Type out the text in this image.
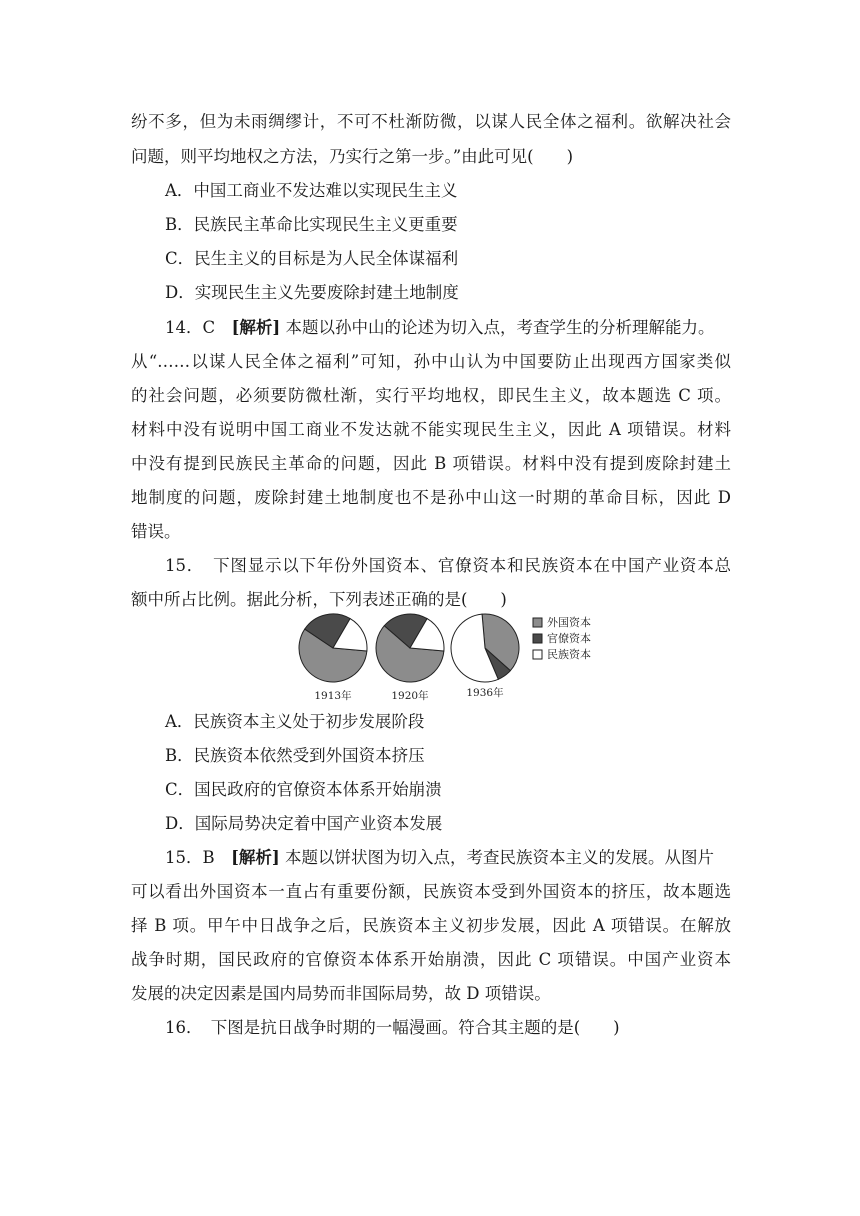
纷不多，但为未雨绸缪计，不可不杜渐防微，以谋人民全体之福利。欲解决社会
问题，则平均地权之方法，乃实行之第一步。”由此可见(　　)
A．中国工商业不发达难以实现民生主义
B．民族民主革命比实现民生主义更重要
C．民生主义的目标是为人民全体谋福利
D．实现民生主义先要废除封建土地制度
14．C　[解析] 本题以孙中山的论述为切入点，考查学生的分析理解能力。
从“……以谋人民全体之福利”可知，孙中山认为中国要防止出现西方国家类似
的社会问题，必须要防微杜渐，实行平均地权，即民生主义，故本题选 C 项。
材料中没有说明中国工商业不发达就不能实现民生主义，因此 A 项错误。材料
中没有提到民族民主革命的问题，因此 B 项错误。材料中没有提到废除封建土
地制度的问题，废除封建土地制度也不是孙中山这一时期的革命目标，因此 D
错误。
15．　下图显示以下年份外国资本、官僚资本和民族资本在中国产业资本总
额中所占比例。据此分析，下列表述正确的是(　　)
1913年	1920年	1936年
外国资本
官僚资本
民族资本
A．民族资本主义处于初步发展阶段
B．民族资本依然受到外国资本挤压
C．国民政府的官僚资本体系开始崩溃
D．国际局势决定着中国产业资本发展
15．B　[解析] 本题以饼状图为切入点，考查民族资本主义的发展。从图片
可以看出外国资本一直占有重要份额，民族资本受到外国资本的挤压，故本题选
择 B 项。甲午中日战争之后，民族资本主义初步发展，因此 A 项错误。在解放
战争时期，国民政府的官僚资本体系开始崩溃，因此 C 项错误。中国产业资本
发展的决定因素是国内局势而非国际局势，故 D 项错误。
16．　下图是抗日战争时期的一幅漫画。符合其主题的是(　　)
